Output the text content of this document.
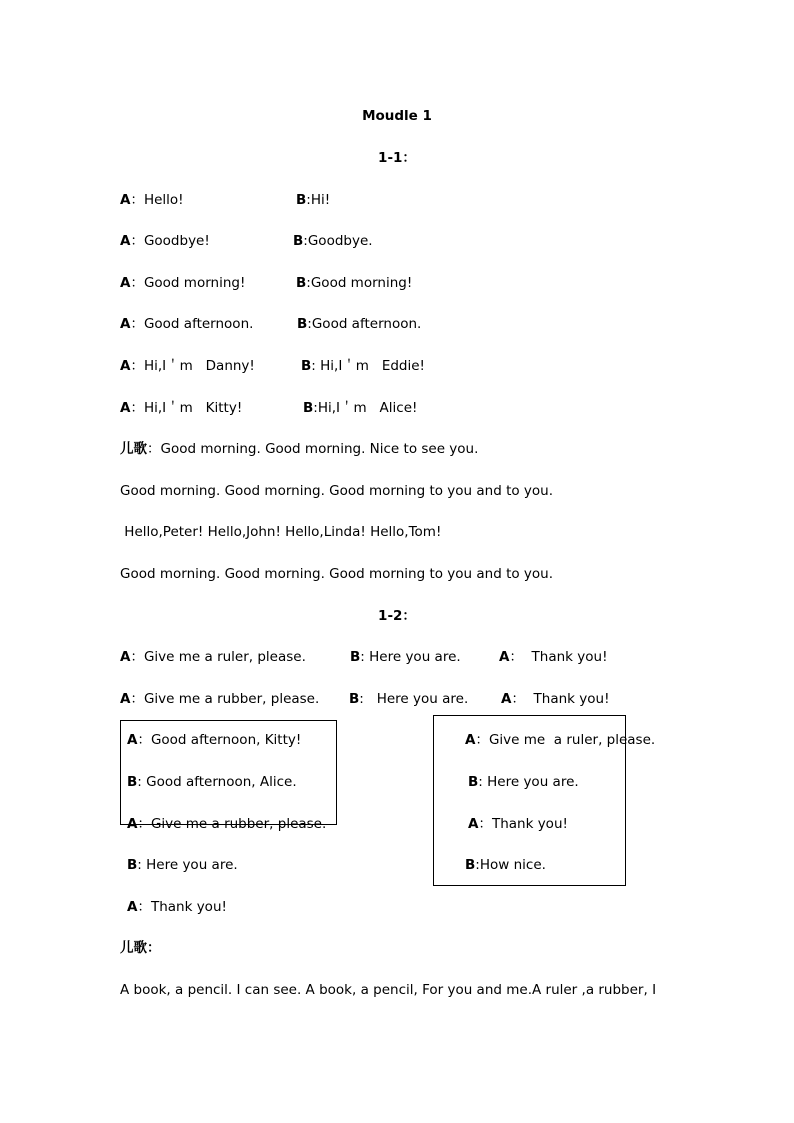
Moudle 1
1-1：
A：Hello!	B:Hi!
A：Goodbye!	B:Goodbye.
A：Good morning!	B:Good morning!
A：Good afternoon.	B:Good afternoon.
A：Hi,I＇m   Danny!	B: Hi,I＇m   Eddie!
A：Hi,I＇m   Kitty!	B:Hi,I＇m   Alice!
儿歌：Good morning. Good morning. Nice to see you.
Good morning. Good morning. Good morning to you and to you.
Hello,Peter! Hello,John! Hello,Linda! Hello,Tom!
Good morning. Good morning. Good morning to you and to you.
1-2：
A：Give me a ruler, please.	B: Here you are.	A：  Thank you!
A：Give me a rubber, please. B:   Here you are. A：  Thank you!
A：Good afternoon, Kitty!
B: Good afternoon, Alice.
A：Give me a rubber, please.
B: Here you are.
A：Thank you!
A：Give me  a ruler, please.
B: Here you are.
A：Thank you!
B:How nice.
儿歌：
A book, a pencil. I can see. A book, a pencil, For you and me.A ruler ,a rubber, I
